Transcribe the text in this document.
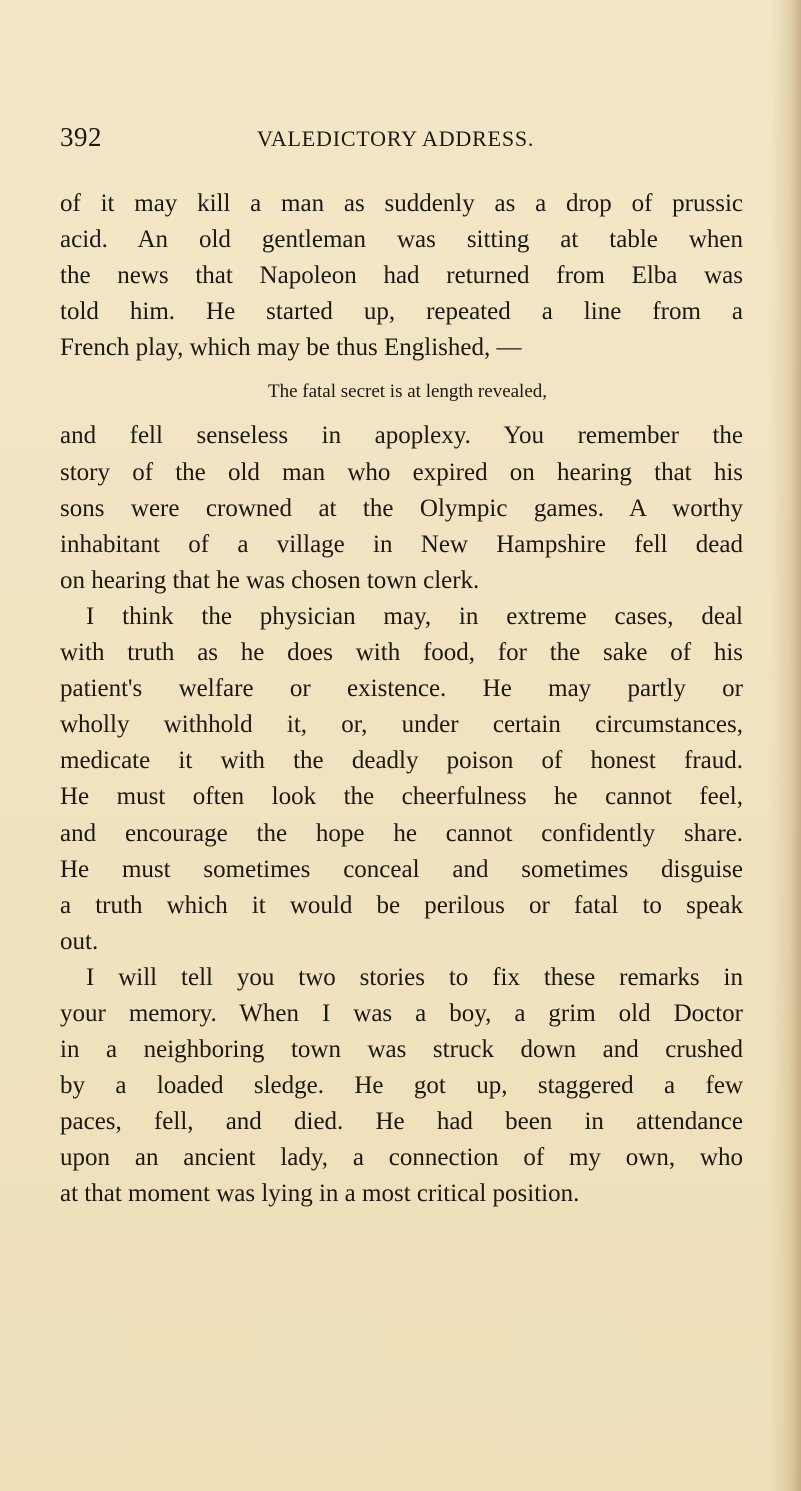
392	VALEDICTORY ADDRESS.
of it may kill a man as suddenly as a drop of prussic
acid. An old gentleman was sitting at table when
the news that Napoleon had returned from Elba was
told him. He started up, repeated a line from a
French play, which may be thus Englished, —
The fatal secret is at length revealed,
and fell senseless in apoplexy. You remember the
story of the old man who expired on hearing that his
sons were crowned at the Olympic games. A worthy
inhabitant of a village in New Hampshire fell dead
on hearing that he was chosen town clerk.
I think the physician may, in extreme cases, deal
with truth as he does with food, for the sake of his
patient's welfare or existence. He may partly or
wholly withhold it, or, under certain circumstances,
medicate it with the deadly poison of honest fraud.
He must often look the cheerfulness he cannot feel,
and encourage the hope he cannot confidently share.
He must sometimes conceal and sometimes disguise
a truth which it would be perilous or fatal to speak
out.
I will tell you two stories to fix these remarks in
your memory. When I was a boy, a grim old Doctor
in a neighboring town was struck down and crushed
by a loaded sledge. He got up, staggered a few
paces, fell, and died. He had been in attendance
upon an ancient lady, a connection of my own, who
at that moment was lying in a most critical position.
